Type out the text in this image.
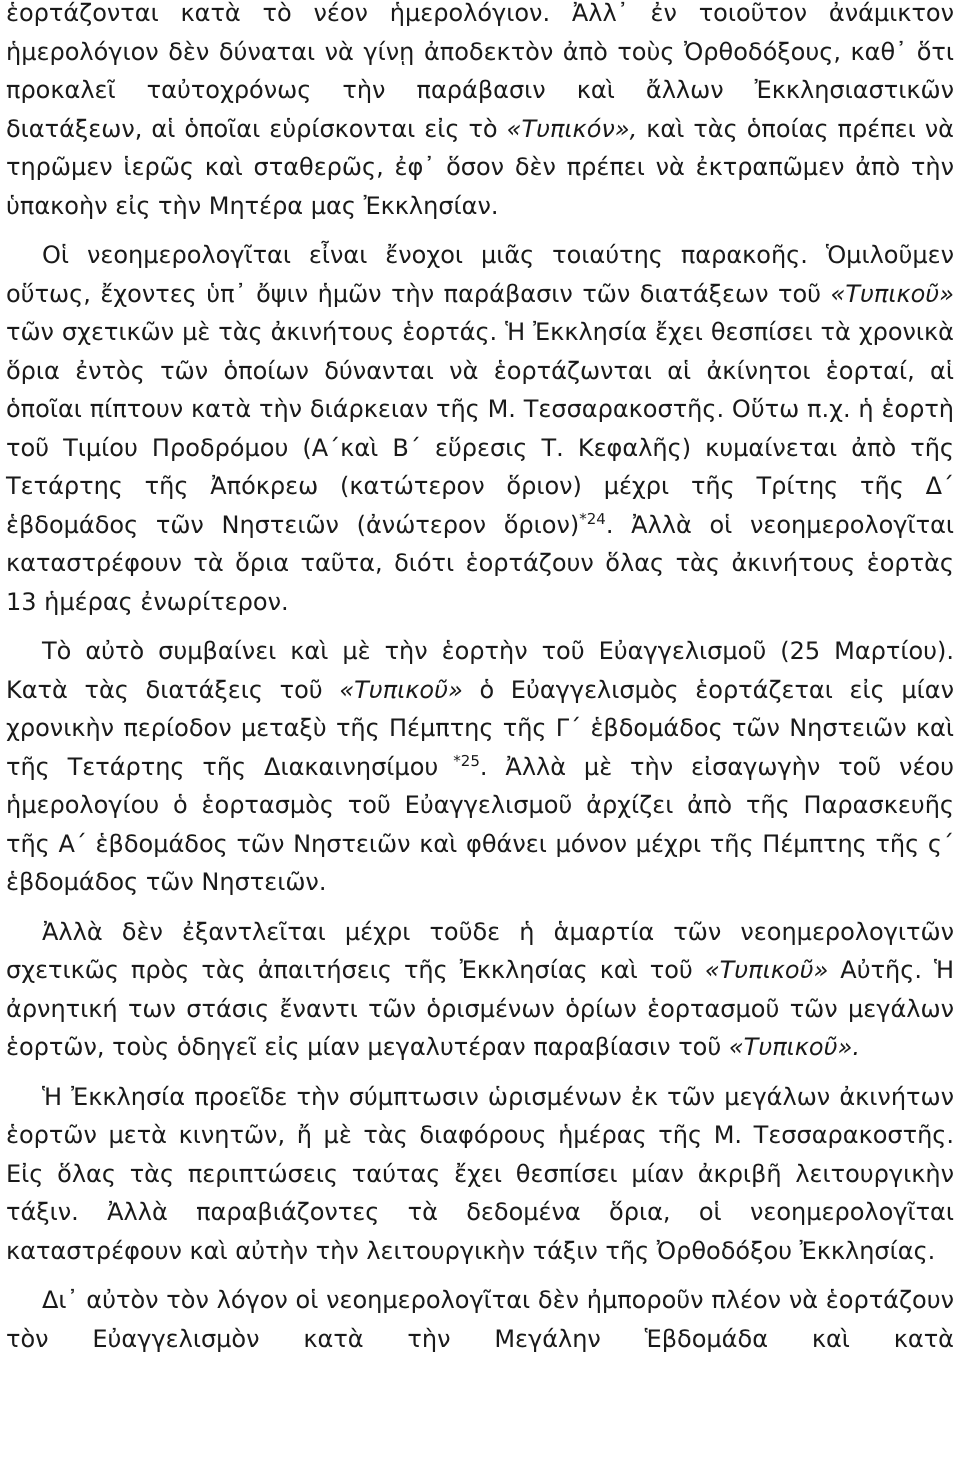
ἑορτάζονται κατὰ τὸ νέον ἡμερολόγιον. Ἀλλ᾽ ἐν τοιοῦτον ἀνάμικτον ἡμερολόγιον δὲν δύναται νὰ γίνῃ ἀποδεκτὸν ἀπὸ τοὺς Ὀρθοδόξους, καθ᾽ ὅτι προκαλεῖ ταὐτοχρόνως τὴν παράβασιν καὶ ἄλλων Ἐκκλησιαστικῶν διατάξεων, αἱ ὁποῖαι εὑρίσκονται εἰς τὸ «Τυπικόν», καὶ τὰς ὁποίας πρέπει νὰ τηρῶμεν ἱερῶς καὶ σταθερῶς, ἐφ᾽ ὅσον δὲν πρέπει νὰ ἐκτραπῶμεν ἀπὸ τὴν ὑπακοὴν εἰς τὴν Μητέρα μας Ἐκκλησίαν.

Οἱ νεοημερολογῖται εἶναι ἔνοχοι μιᾶς τοιαύτης παρακοῆς. Ὁμιλοῦμεν οὕτως, ἔχοντες ὑπ᾽ ὄψιν ἡμῶν τὴν παράβασιν τῶν διατάξεων τοῦ «Τυπικοῦ» τῶν σχετικῶν μὲ τὰς ἀκινήτους ἑορτάς. Ἡ Ἐκκλησία ἔχει θεσπίσει τὰ χρονικὰ ὅρια ἐντὸς τῶν ὁποίων δύνανται νὰ ἑορτάζωνται αἱ ἀκίνητοι ἑορταί, αἱ ὁποῖαι πίπτουν κατὰ τὴν διάρκειαν τῆς Μ. Τεσσαρακοστῆς. Οὕτω π.χ. ἡ ἑορτὴ τοῦ Τιμίου Προδρόμου (Α´καὶ Β´ εὕρεσις Τ. Κεφαλῆς) κυμαίνεται ἀπὸ τῆς Τετάρτης τῆς Ἀπόκρεω (κατώτερον ὅριον) μέχρι τῆς Τρίτης τῆς Δ´ ἑβδομάδος τῶν Νηστειῶν (ἀνώτερον ὅριον)$^{*24}$. Ἀλλὰ οἱ νεοημερολογῖται καταστρέφουν τὰ ὅρια ταῦτα, διότι ἑορτάζουν ὅλας τὰς ἀκινήτους ἑορτὰς 13 ἡμέρας ἐνωρίτερον.

Τὸ αὐτὸ συμβαίνει καὶ μὲ τὴν ἑορτὴν τοῦ Εὐαγγελισμοῦ (25 Μαρτίου). Κατὰ τὰς διατάξεις τοῦ «Τυπικοῦ» ὁ Εὐαγγελισμὸς ἑορτάζεται εἰς μίαν χρονικὴν περίοδον μεταξὺ τῆς Πέμπτης τῆς Γ´ ἑβδομάδος τῶν Νηστειῶν καὶ τῆς Τετάρτης τῆς Διακαινησίμου $^{*25}$. Ἀλλὰ μὲ τὴν εἰσαγωγὴν τοῦ νέου ἡμερολογίου ὁ ἑορτασμὸς τοῦ Εὐαγγελισμοῦ ἀρχίζει ἀπὸ τῆς Παρασκευῆς τῆς Α´ ἑβδομάδος τῶν Νηστειῶν καὶ φθάνει μόνον μέχρι τῆς Πέμπτης τῆς ς´ ἑβδομάδος τῶν Νηστειῶν.

Ἀλλὰ δὲν ἐξαντλεῖται μέχρι τοῦδε ἡ ἁμαρτία τῶν νεοημερολογιτῶν σχετικῶς πρὸς τὰς ἀπαιτήσεις τῆς Ἐκκλησίας καὶ τοῦ «Τυπικοῦ» Αὐτῆς. Ἡ ἀρνητική των στάσις ἔναντι τῶν ὁρισμένων ὁρίων ἑορτασμοῦ τῶν μεγάλων ἑορτῶν, τοὺς ὁδηγεῖ εἰς μίαν μεγαλυτέραν παραβίασιν τοῦ «Τυπικοῦ».

Ἡ Ἐκκλησία προεῖδε τὴν σύμπτωσιν ὡρισμένων ἐκ τῶν μεγάλων ἀκινήτων ἑορτῶν μετὰ κινητῶν, ἤ μὲ τὰς διαφόρους ἡμέρας τῆς Μ. Τεσσαρακοστῆς. Εἰς ὅλας τὰς περιπτώσεις ταύτας ἔχει θεσπίσει μίαν ἀκριβῆ λειτουργικὴν τάξιν. Ἀλλὰ παραβιάζοντες τὰ δεδομένα ὅρια, οἱ νεοημερολογῖται καταστρέφουν καὶ αὐτὴν τὴν λειτουργικὴν τάξιν τῆς Ὀρθοδόξου Ἐκκλησίας.

Δι᾽ αὐτὸν τὸν λόγον οἱ νεοημερολογῖται δὲν ἠμποροῦν πλέον νὰ ἑορτάζουν τὸν Εὐαγγελισμὸν κατὰ τὴν Μεγάλην Ἑβδομάδα καὶ κατὰ
